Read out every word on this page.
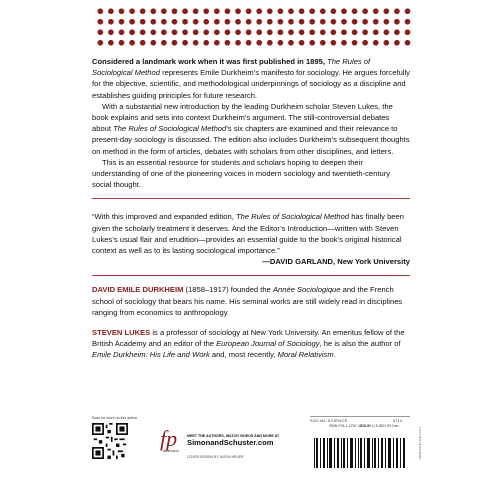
Considered a landmark work when it was first published in 1895, The Rules of Sociological Method represents Emile Durkheim’s manifesto for sociology. He argues forcefully for the objective, scientific, and methodological underpinnings of sociology as a discipline and establishes guiding principles for future research.

With a substantial new introduction by the leading Durkheim scholar Steven Lukes, the book explains and sets into context Durkheim’s argument. The still-controversial debates about The Rules of Sociological Method’s six chapters are examined and their relevance to present-day sociology is discussed. The edition also includes Durkheim’s subsequent thoughts on method in the form of articles, debates with scholars from other disciplines, and letters.

This is an essential resource for students and scholars hoping to deepen their understanding of one of the pioneering voices in modern sociology and twentieth-century social thought.

“With this improved and expanded edition, The Rules of Sociological Method has finally been given the scholarly treatment it deserves. And the Editor’s Introduction—written with Steven Lukes’s usual flair and erudition—provides an essential guide to the book’s original historical context as well as to its lasting sociological importance.”

—DAVID GARLAND, New York University

DAVID EMILE DURKHEIM (1858–1917) founded the Année Sociologique and the French school of sociology that bears his name. His seminal works are still widely read in disciplines ranging from economics to anthropology.

STEVEN LUKES is a professor of sociology at New York University. An emeritus fellow of the British Academy and an editor of the European Journal of Sociology, he is also the author of Emile Durkheim: His Life and Work and, most recently, Moral Relativism.

Scan for more on this author
fp
FREE PRESS
MEET THE AUTHORS, WATCH VIDEOS AND MORE AT
SimonandSchuster.com
COVER DESIGN BY JASON HEUER
SOCIAL SCIENCE	0714
ISBN 978-1-4767-4972-3
$16.99 U.S./$21.99 Can.	PRINTED IN THE U.S.A.
